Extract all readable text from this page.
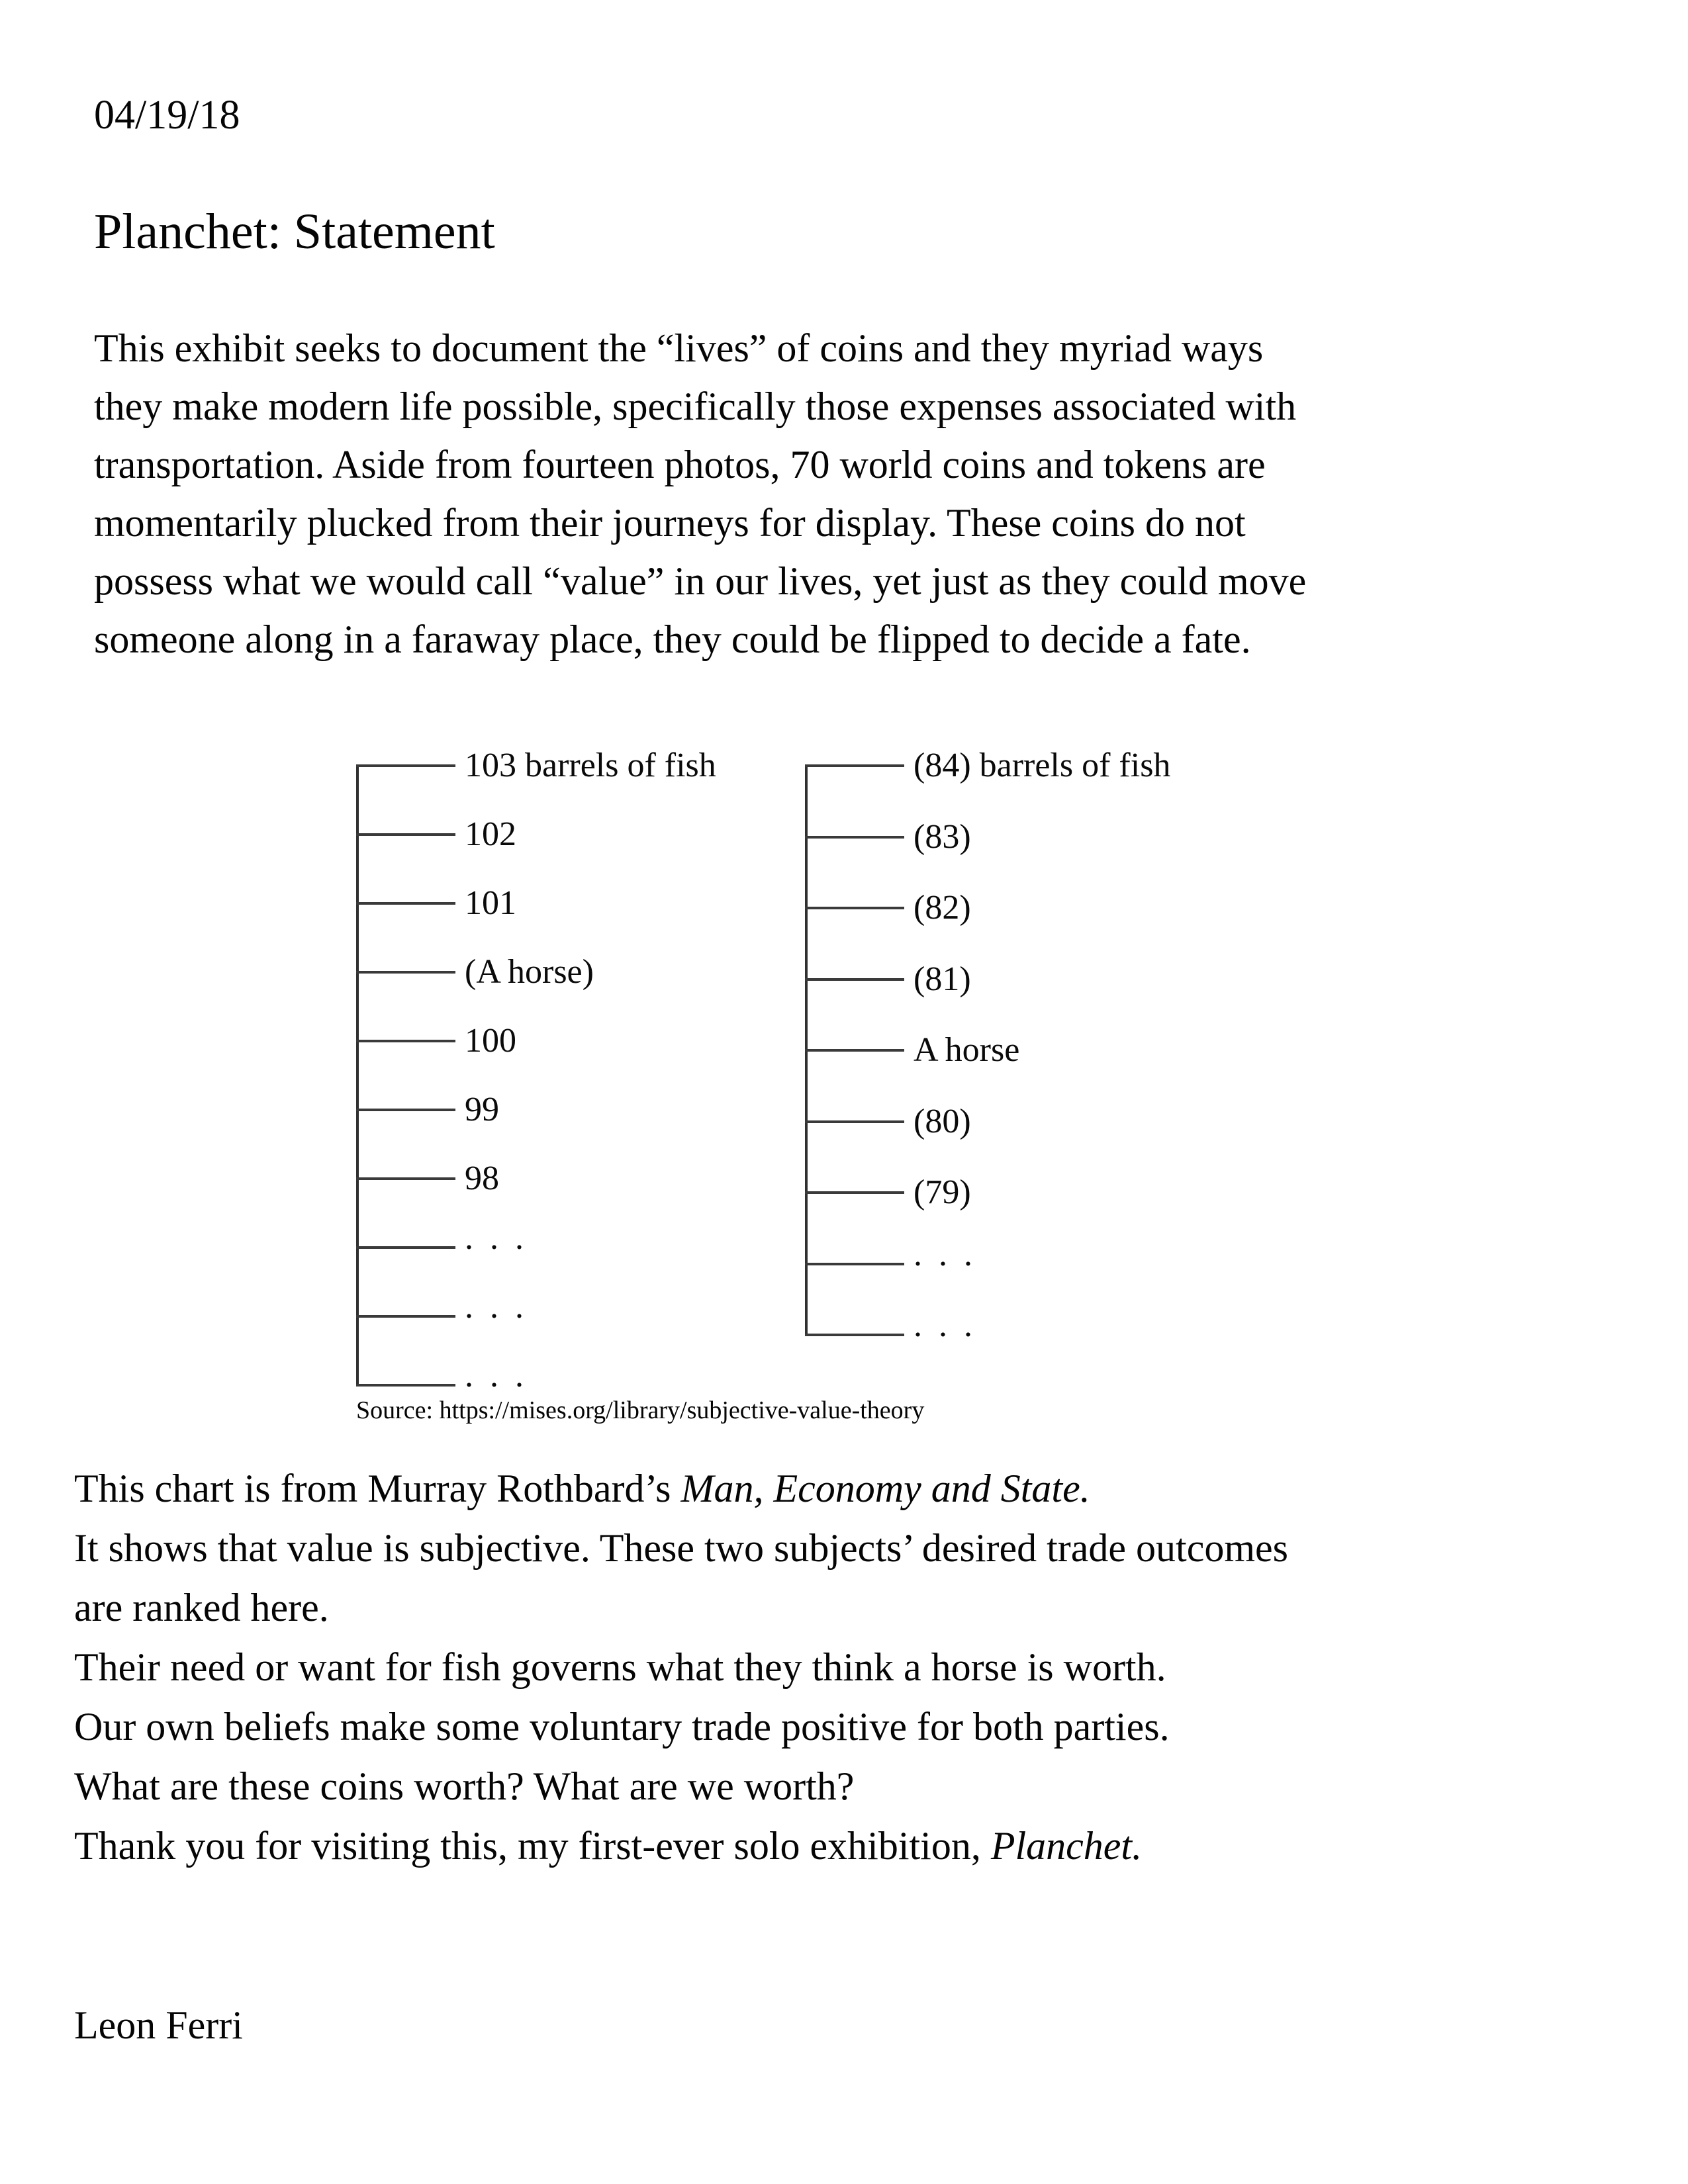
04/19/18
Planchet: Statement
This exhibit seeks to document the “lives” of coins and they myriad ways
they make modern life possible, specifically those expenses associated with
transportation. Aside from fourteen photos, 70 world coins and tokens are
momentarily plucked from their journeys for display. These coins do not
possess what we would call “value” in our lives, yet just as they could move
someone along in a faraway place, they could be flipped to decide a fate.
103 barrels of fish
102
101
(A horse)
100
99
98
. . .
. . .
. . .
(84) barrels of fish
(83)
(82)
(81)
A horse
(80)
(79)
. . .
. . .
Source: https://mises.org/library/subjective-value-theory
This chart is from Murray Rothbard’s Man, Economy and State.
It shows that value is subjective. These two subjects’ desired trade outcomes
are ranked here.
Their need or want for fish governs what they think a horse is worth.
Our own beliefs make some voluntary trade positive for both parties.
What are these coins worth? What are we worth?
Thank you for visiting this, my first-ever solo exhibition, Planchet.
Leon Ferri
